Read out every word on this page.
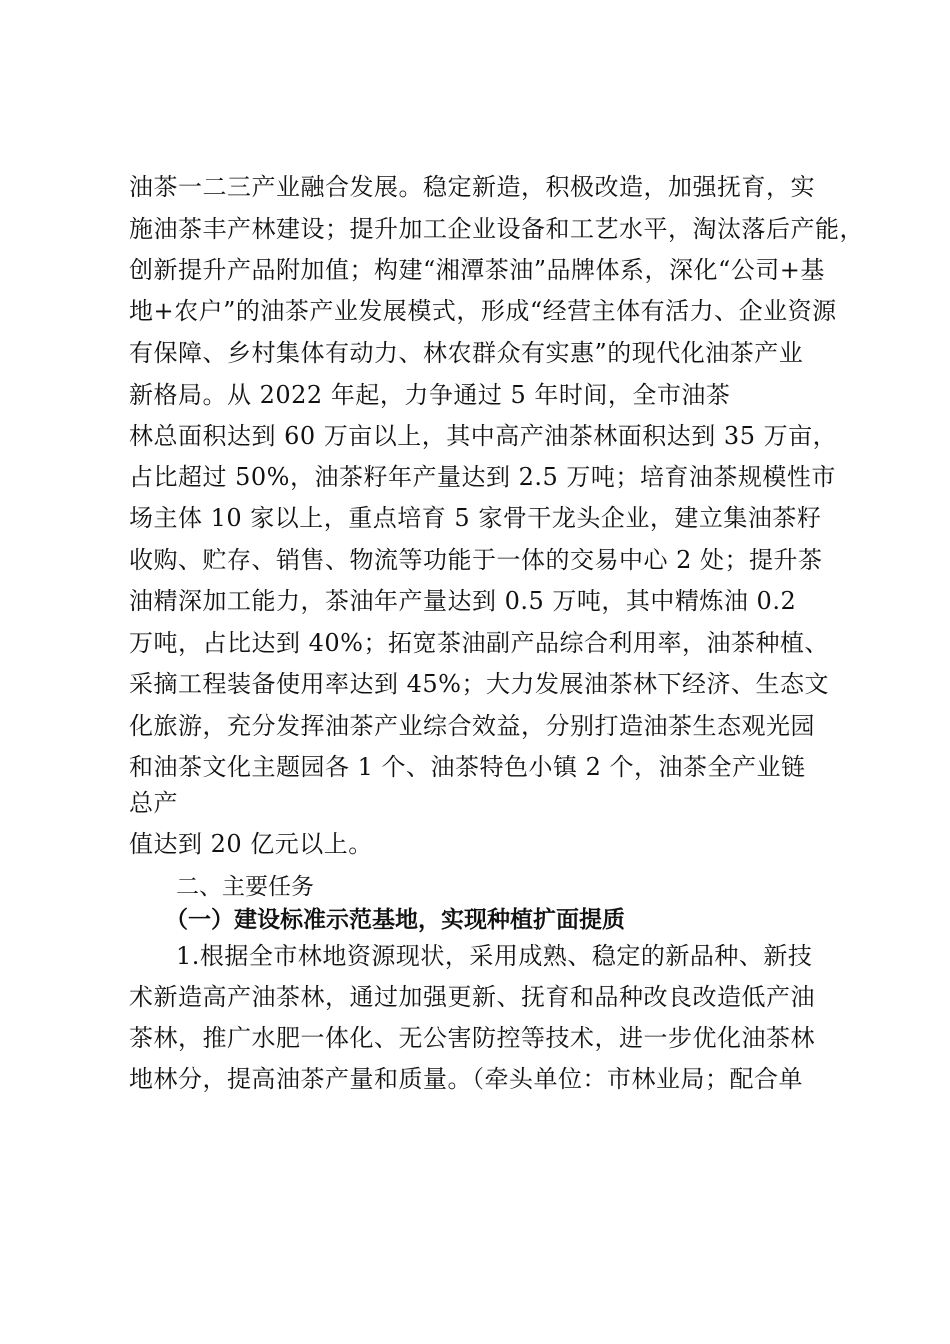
油茶一二三产业融合发展。稳定新造，积极改造，加强抚育，实
施油茶丰产林建设；提升加工企业设备和工艺水平，淘汰落后产能，
创新提升产品附加值；构建“湘潭茶油”品牌体系，深化“公司+基
地+农户”的油茶产业发展模式，形成“经营主体有活力、企业资源
有保障、乡村集体有动力、林农群众有实惠”的现代化油茶产业
新格局。从 2022 年起，力争通过 5 年时间，全市油茶
林总面积达到 60 万亩以上，其中高产油茶林面积达到 35 万亩，
占比超过 50%，油茶籽年产量达到 2.5 万吨；培育油茶规模性市
场主体 10 家以上，重点培育 5 家骨干龙头企业，建立集油茶籽
收购、贮存、销售、物流等功能于一体的交易中心 2 处；提升茶
油精深加工能力，茶油年产量达到 0.5 万吨，其中精炼油 0.2
万吨，占比达到 40%；拓宽茶油副产品综合利用率，油茶种植、
采摘工程装备使用率达到 45%；大力发展油茶林下经济、生态文
化旅游，充分发挥油茶产业综合效益，分别打造油茶生态观光园
和油茶文化主题园各 1 个、油茶特色小镇 2 个，油茶全产业链
总产
值达到 20 亿元以上。
二、主要任务
（一）建设标准示范基地，实现种植扩面提质
1.根据全市林地资源现状，采用成熟、稳定的新品种、新技
术新造高产油茶林，通过加强更新、抚育和品种改良改造低产油
茶林，推广水肥一体化、无公害防控等技术，进一步优化油茶林
地林分，提高油茶产量和质量。（牵头单位：市林业局；配合单
